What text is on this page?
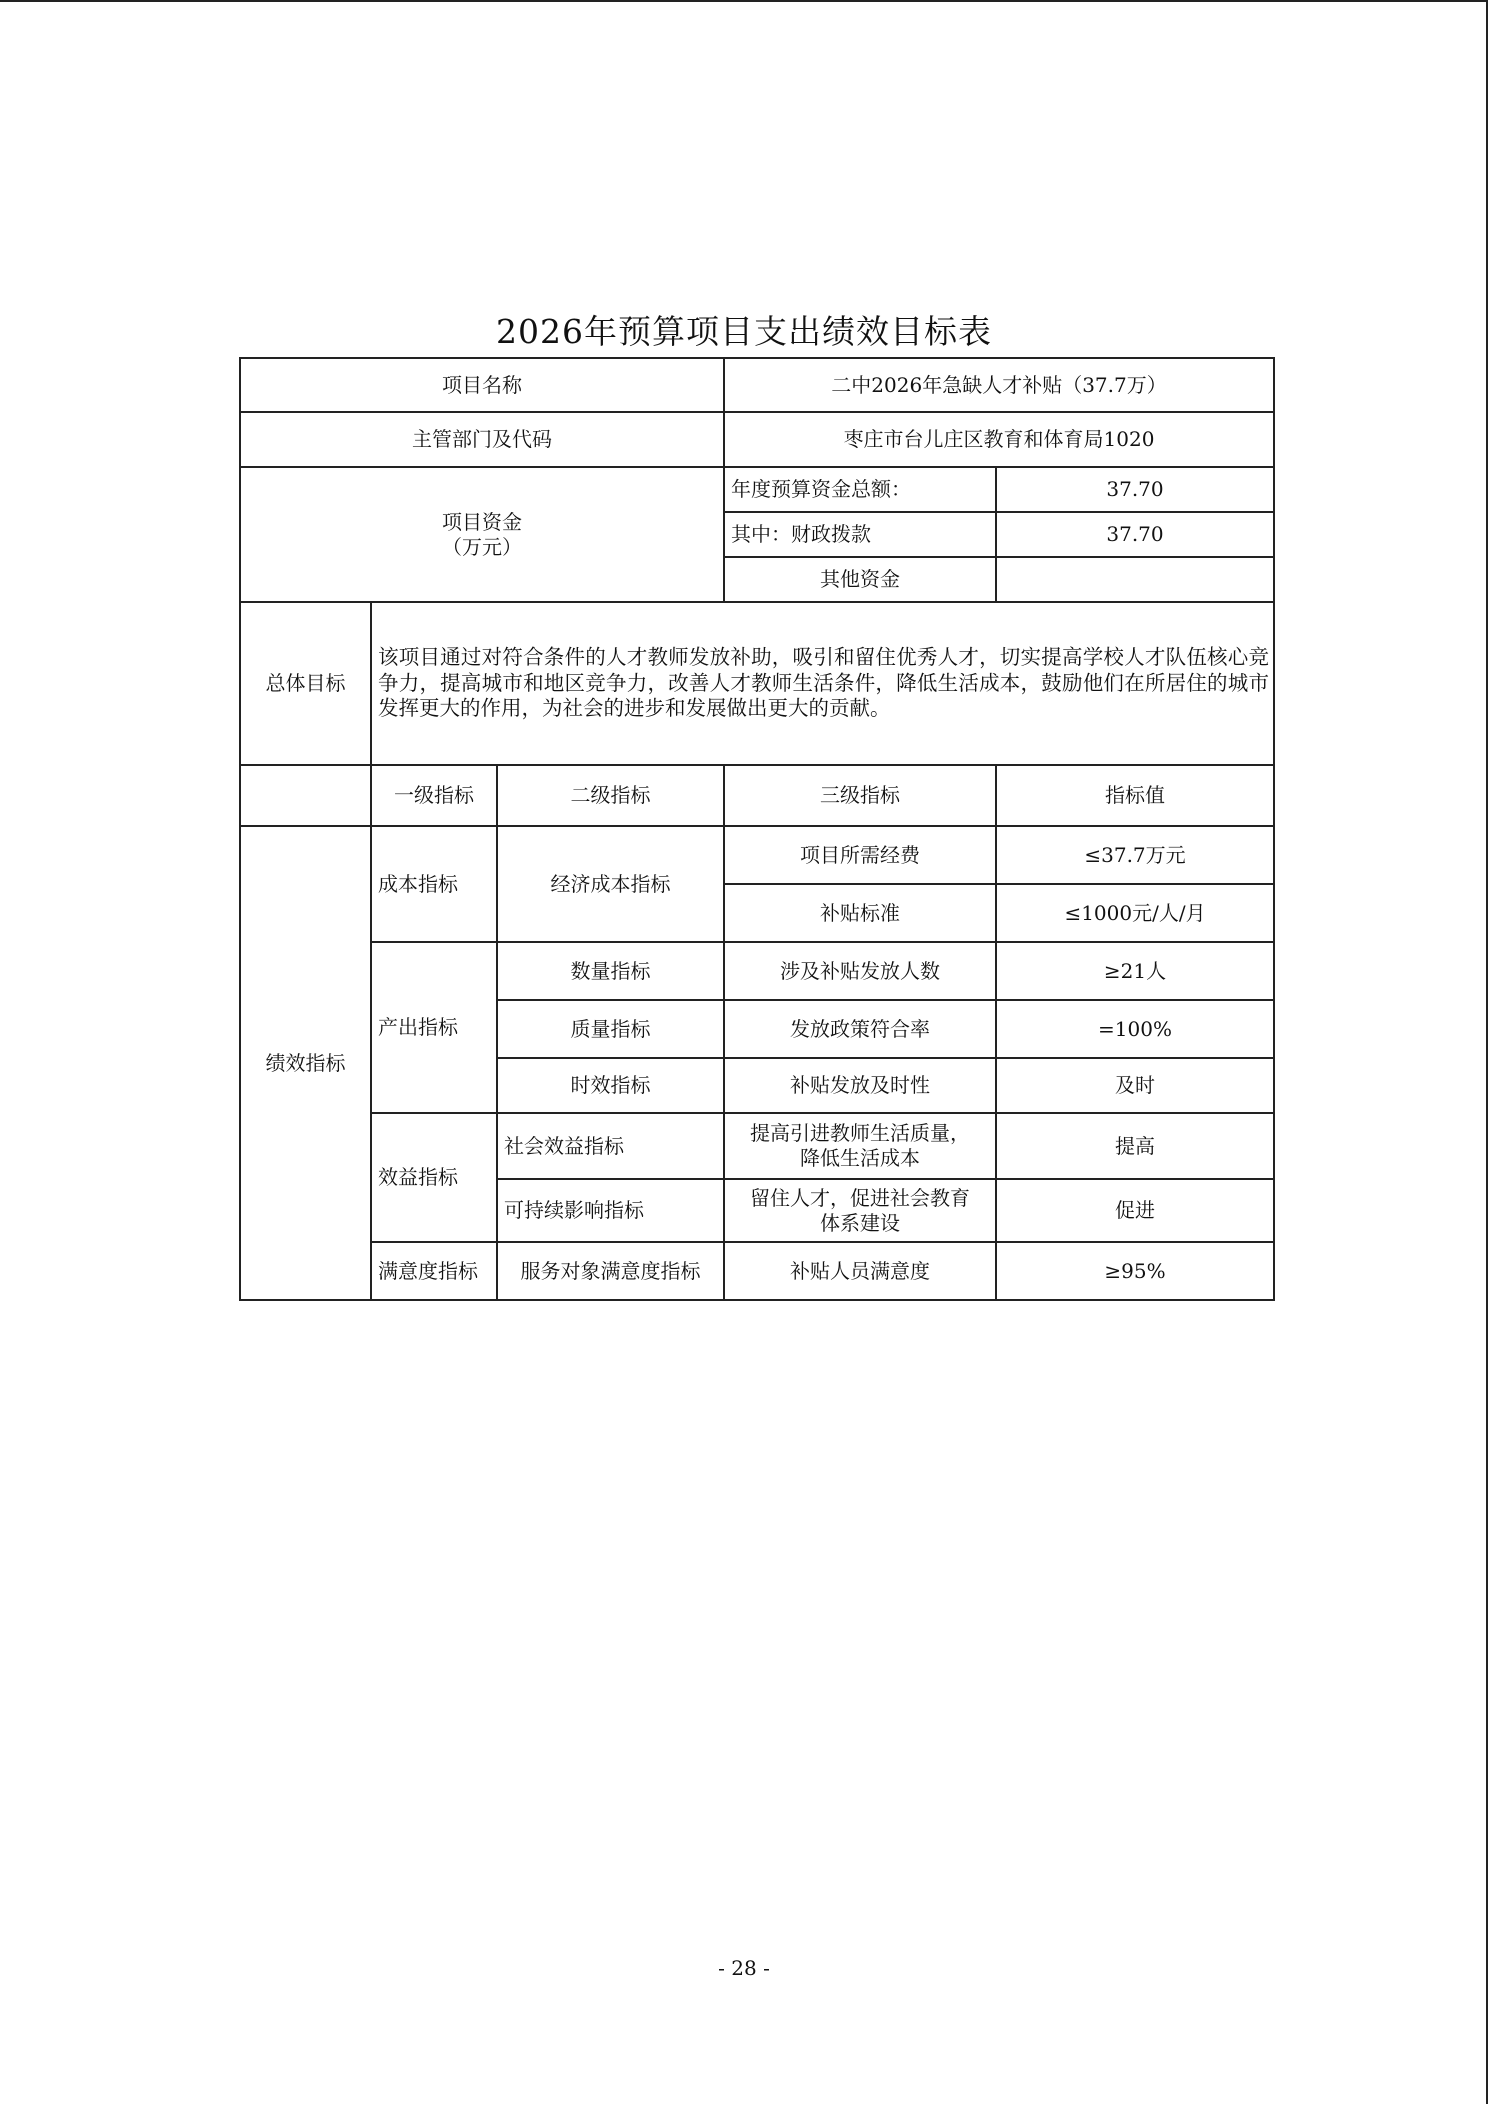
2026年预算项目支出绩效目标表
项目名称			二中2026年急缺人才补贴（37.7万）	
主管部门及代码			枣庄市台儿庄区教育和体育局1020	

项目资金
（万元）			年度预算资金总额：	37.70
			其中：财政拨款	37.70
			其他资金	
总体目标	该项目通过对符合条件的人才教师发放补助，吸引和留住优秀人才，切实提高学校人才队伍核心竞争力，提高城市和地区竞争力，改善人才教师生活条件，降低生活成本，鼓励他们在所居住的城市发挥更大的作用，为社会的进步和发展做出更大的贡献。			
	一级指标	二级指标	三级指标	指标值
绩效指标	成本指标	经济成本指标	项目所需经费	≤37.7万元
			补贴标准	≤1000元/人/月
	产出指标	数量指标	涉及补贴发放人数	≥21人
		质量指标	发放政策符合率	=100%
		时效指标	补贴发放及时性	及时
	效益指标	社会效益指标	提高引进教师生活质量，
降低生活成本	提高
		可持续影响指标	留住人才，促进社会教育
体系建设	促进
	满意度指标	服务对象满意度指标	补贴人员满意度	≥95%
- 28 -
